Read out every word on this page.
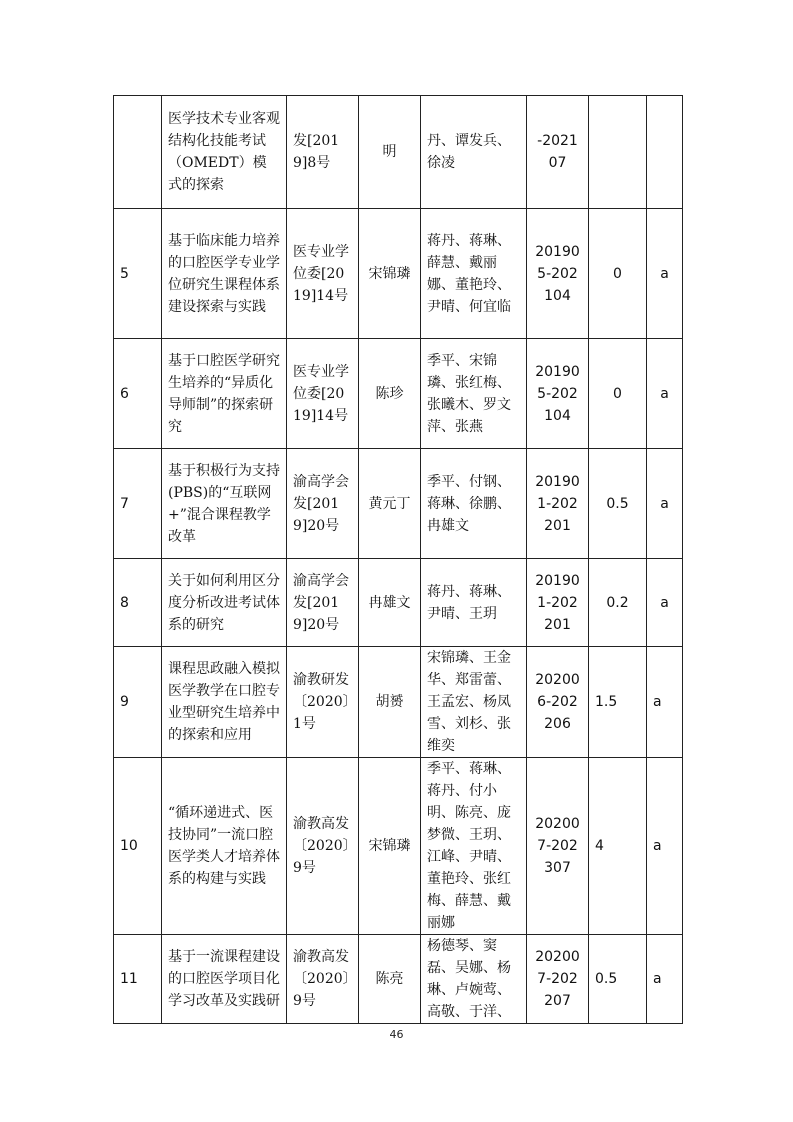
	医学技术专业客观结构化技能考试（OMEDT）模式的探索	发[2019]8号	明	丹、谭发兵、徐凌	-202107		
5	基于临床能力培养的口腔医学专业学位研究生课程体系建设探索与实践	医专业学位委[2019]14号	宋锦璘	蒋丹、蒋琳、薛慧、戴丽娜、董艳玲、尹晴、何宜临	201905-202104	0	a
6	基于口腔医学研究生培养的“异质化导师制”的探索研究	医专业学位委[2019]14号	陈珍	季平、宋锦璘、张红梅、张曦木、罗文萍、张燕	201905-202104	0	a
7	基于积极行为支持(PBS)的“互联网+”混合课程教学改革	渝高学会发[2019]20号	黄元丁	季平、付钢、蒋琳、徐鹏、冉雄文	201901-202201	0.5	a
8	关于如何利用区分度分析改进考试体系的研究	渝高学会发[2019]20号	冉雄文	蒋丹、蒋琳、尹晴、王玥	201901-202201	0.2	a
9	课程思政融入模拟医学教学在口腔专业型研究生培养中的探索和应用	渝教研发〔2020〕1号	胡赟	宋锦璘、王金华、郑雷蕾、王孟宏、杨凤雪、刘杉、张维奕	202006-202206	1.5	a
10	“循环递进式、医技协同”一流口腔医学类人才培养体系的构建与实践	渝教高发〔2020〕9号	宋锦璘	季平、蒋琳、蒋丹、付小明、陈亮、庞梦微、王玥、江峰、尹晴、董艳玲、张红梅、薛慧、戴丽娜	202007-202307	4	a
11	基于一流课程建设的口腔医学项目化学习改革及实践研	渝教高发〔2020〕9号	陈亮	杨德琴、窦磊、吴娜、杨琳、卢婉莺、高敬、于洋、	202007-202207	0.5	a
46
